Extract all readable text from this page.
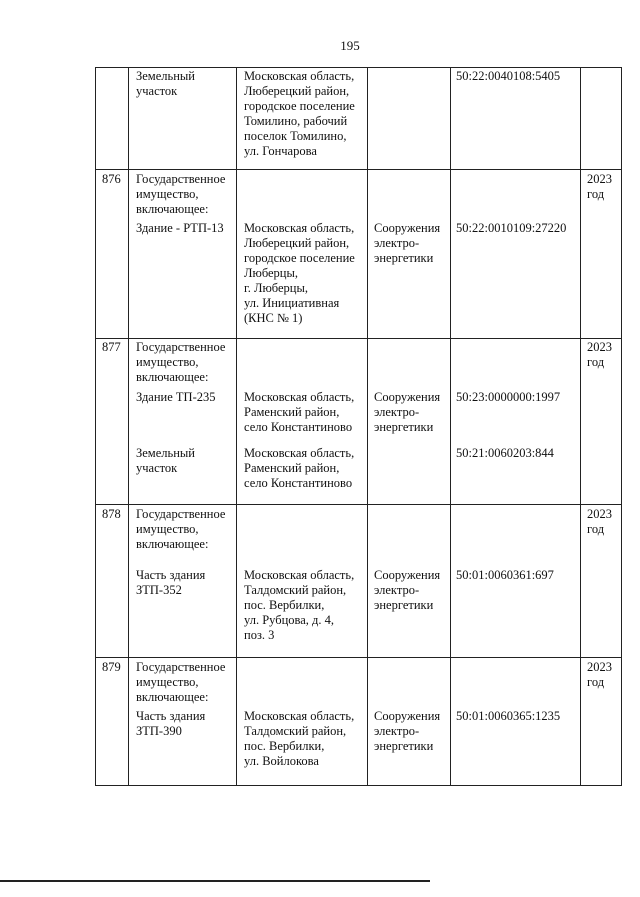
195
Земельный
участок
Московская область,
Люберецкий район,
городское поселение
Томилино, рабочий
поселок Томилино,
ул. Гончарова
50:22:0040108:5405
876 Государственное
имущество,
включающее:
2023
год
Здание - РТП-13 Московская область,
Люберецкий район,
городское поселение
Люберцы,
г. Люберцы,
ул. Инициативная
(КНС № 1)
Сооружения
электро-
энергетики
50:22:0010109:27220
877 Государственное
имущество,
включающее:
2023
год
Здание ТП-235 Московская область,
Раменский район,
село Константиново
Сооружения
электро-
энергетики
50:23:0000000:1997
Земельный
участок
Московская область,
Раменский район,
село Константиново
50:21:0060203:844
878 Государственное
имущество,
включающее:
2023
год
Часть здания
ЗТП-352
Московская область,
Талдомский район,
пос. Вербилки,
ул. Рубцова, д. 4,
поз. 3
Сооружения
электро-
энергетики
50:01:0060361:697
879 Государственное
имущество,
включающее:
2023
год
Часть здания
ЗТП-390
Московская область,
Талдомский район,
пос. Вербилки,
ул. Войлокова
Сооружения
электро-
энергетики
50:01:0060365:1235
